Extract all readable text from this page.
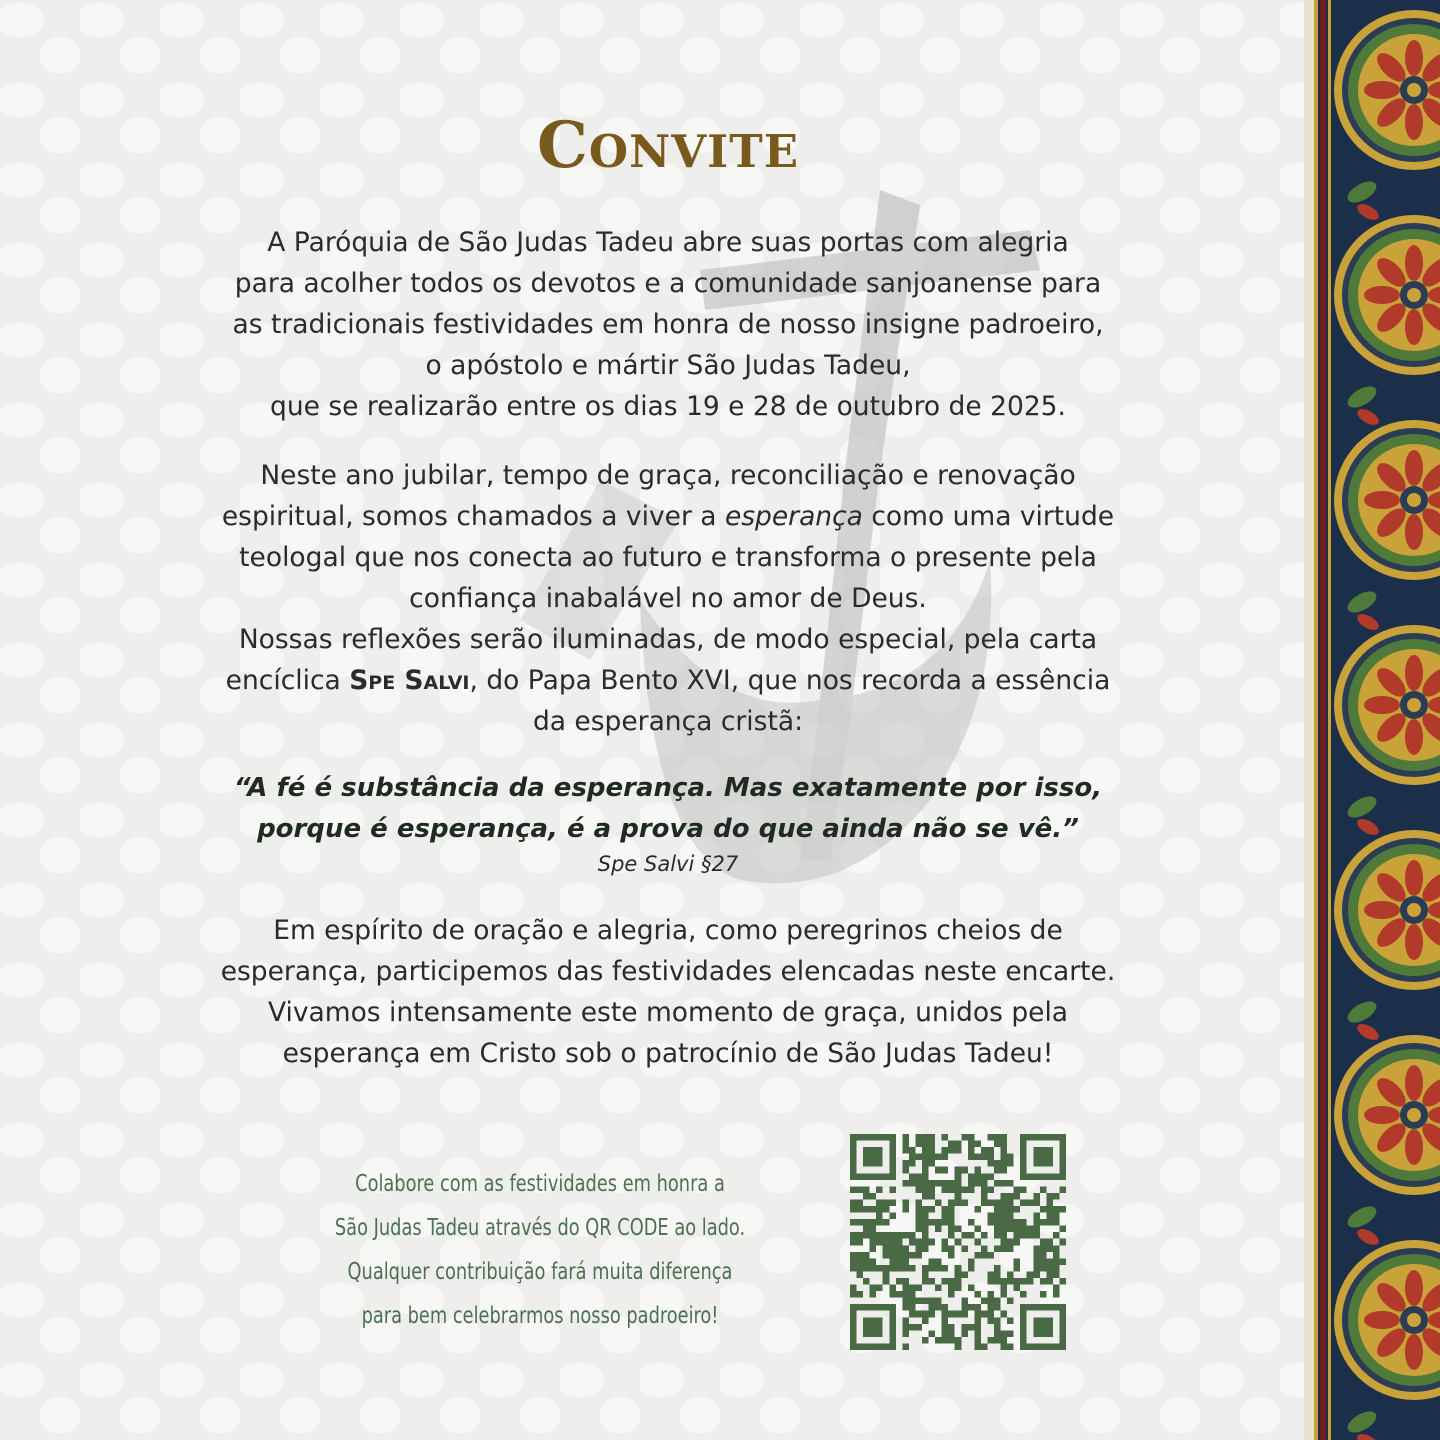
Convite
A Paróquia de São Judas Tadeu abre suas portas com alegria
para acolher todos os devotos e a comunidade sanjoanense para
as tradicionais festividades em honra de nosso insigne padroeiro,
o apóstolo e mártir São Judas Tadeu,
que se realizarão entre os dias 19 e 28 de outubro de 2025.
Neste ano jubilar, tempo de graça, reconciliação e renovação
espiritual, somos chamados a viver a esperança como uma virtude
teologal que nos conecta ao futuro e transforma o presente pela
confiança inabalável no amor de Deus.
Nossas reflexões serão iluminadas, de modo especial, pela carta
encíclica Spe Salvi, do Papa Bento XVI, que nos recorda a essência
da esperança cristã:
“A fé é substância da esperança. Mas exatamente por isso,
porque é esperança, é a prova do que ainda não se vê.”
Spe Salvi §27
Em espírito de oração e alegria, como peregrinos cheios de
esperança, participemos das festividades elencadas neste encarte.
Vivamos intensamente este momento de graça, unidos pela
esperança em Cristo sob o patrocínio de São Judas Tadeu!
Colabore com as festividades em honra a
São Judas Tadeu através do QR CODE ao lado.
Qualquer contribuição fará muita diferença
para bem celebrarmos nosso padroeiro!
